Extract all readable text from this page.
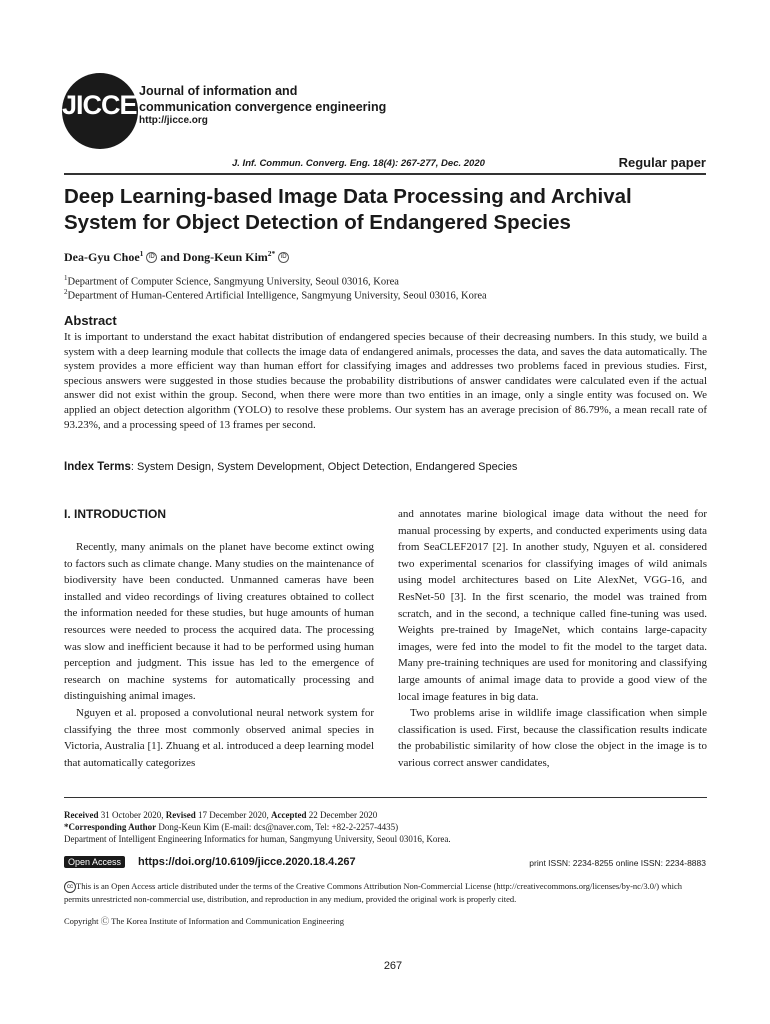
JICCE Journal of information and
communication convergence engineering
http://jicce.org
J. Inf. Commun. Converg. Eng. 18(4): 267-277, Dec. 2020	Regular paper
Deep Learning-based Image Data Processing and Archival
System for Object Detection of Endangered Species
Dea-Gyu Choe$^1$ iD and Dong-Keun Kim$^{2*}$ iD
$^1$Department of Computer Science, Sangmyung University, Seoul 03016, Korea
$^2$Department of Human-Centered Artificial Intelligence, Sangmyung University, Seoul 03016, Korea
Abstract
It is important to understand the exact habitat distribution of endangered species because of their decreasing numbers. In this study, we build a system with a deep learning module that collects the image data of endangered animals, processes the data, and saves the data automatically. The system provides a more efficient way than human effort for classifying images and addresses two problems faced in previous studies. First, specious answers were suggested in those studies because the probability distributions of answer candidates were calculated even if the actual answer did not exist within the group. Second, when there were more than two entities in an image, only a single entity was focused on. We applied an object detection algorithm (YOLO) to resolve these problems. Our system has an average precision of 86.79%, a mean recall rate of 93.23%, and a processing speed of 13 frames per second.
Index Terms: System Design, System Development, Object Detection, Endangered Species
I. INTRODUCTION

Recently, many animals on the planet have become extinct owing to factors such as climate change. Many studies on the maintenance of biodiversity have been conducted. Unmanned cameras have been installed and video recordings of living creatures obtained to collect the information needed for these studies, but huge amounts of human resources were needed to process the acquired data. The processing was slow and inefficient because it had to be performed using human perception and judgment. This issue has led to the emergence of research on machine systems for automatically processing and distinguishing animal images.

Nguyen et al. proposed a convolutional neural network system for classifying the three most commonly observed animal species in Victoria, Australia [1]. Zhuang et al. introduced a deep learning model that automatically categorizes

and annotates marine biological image data without the need for manual processing by experts, and conducted experiments using data from SeaCLEF2017 [2]. In another study, Nguyen et al. considered two experimental scenarios for classifying images of wild animals using model architectures based on Lite AlexNet, VGG-16, and ResNet-50 [3]. In the first scenario, the model was trained from scratch, and in the second, a technique called fine-tuning was used. Weights pre-trained by ImageNet, which contains large-capacity images, were fed into the model to fit the model to the target data. Many pre-training techniques are used for monitoring and classifying large amounts of animal image data to provide a good view of the local image features in big data.

Two problems arise in wildlife image classification when simple classification is used. First, because the classification results indicate the probabilistic similarity of how close the object in the image is to various correct answer candidates,

Received 31 October 2020, Revised 17 December 2020, Accepted 22 December 2020
*Corresponding Author Dong-Keun Kim (E-mail: dcs@naver.com, Tel: +82-2-2257-4435)
Department of Intelligent Engineering Informatics for human, Sangmyung University, Seoul 03016, Korea.
Open Access	https://doi.org/10.6109/jicce.2020.18.4.267	print ISSN: 2234-8255 online ISSN: 2234-8883
cc This is an Open Access article distributed under the terms of the Creative Commons Attribution Non-Commercial License (http://creativecommons.org/licenses/by-nc/3.0/) which permits unrestricted non-commercial use, distribution, and reproduction in any medium, provided the original work is properly cited.
Copyright Ⓒ The Korea Institute of Information and Communication Engineering
267
